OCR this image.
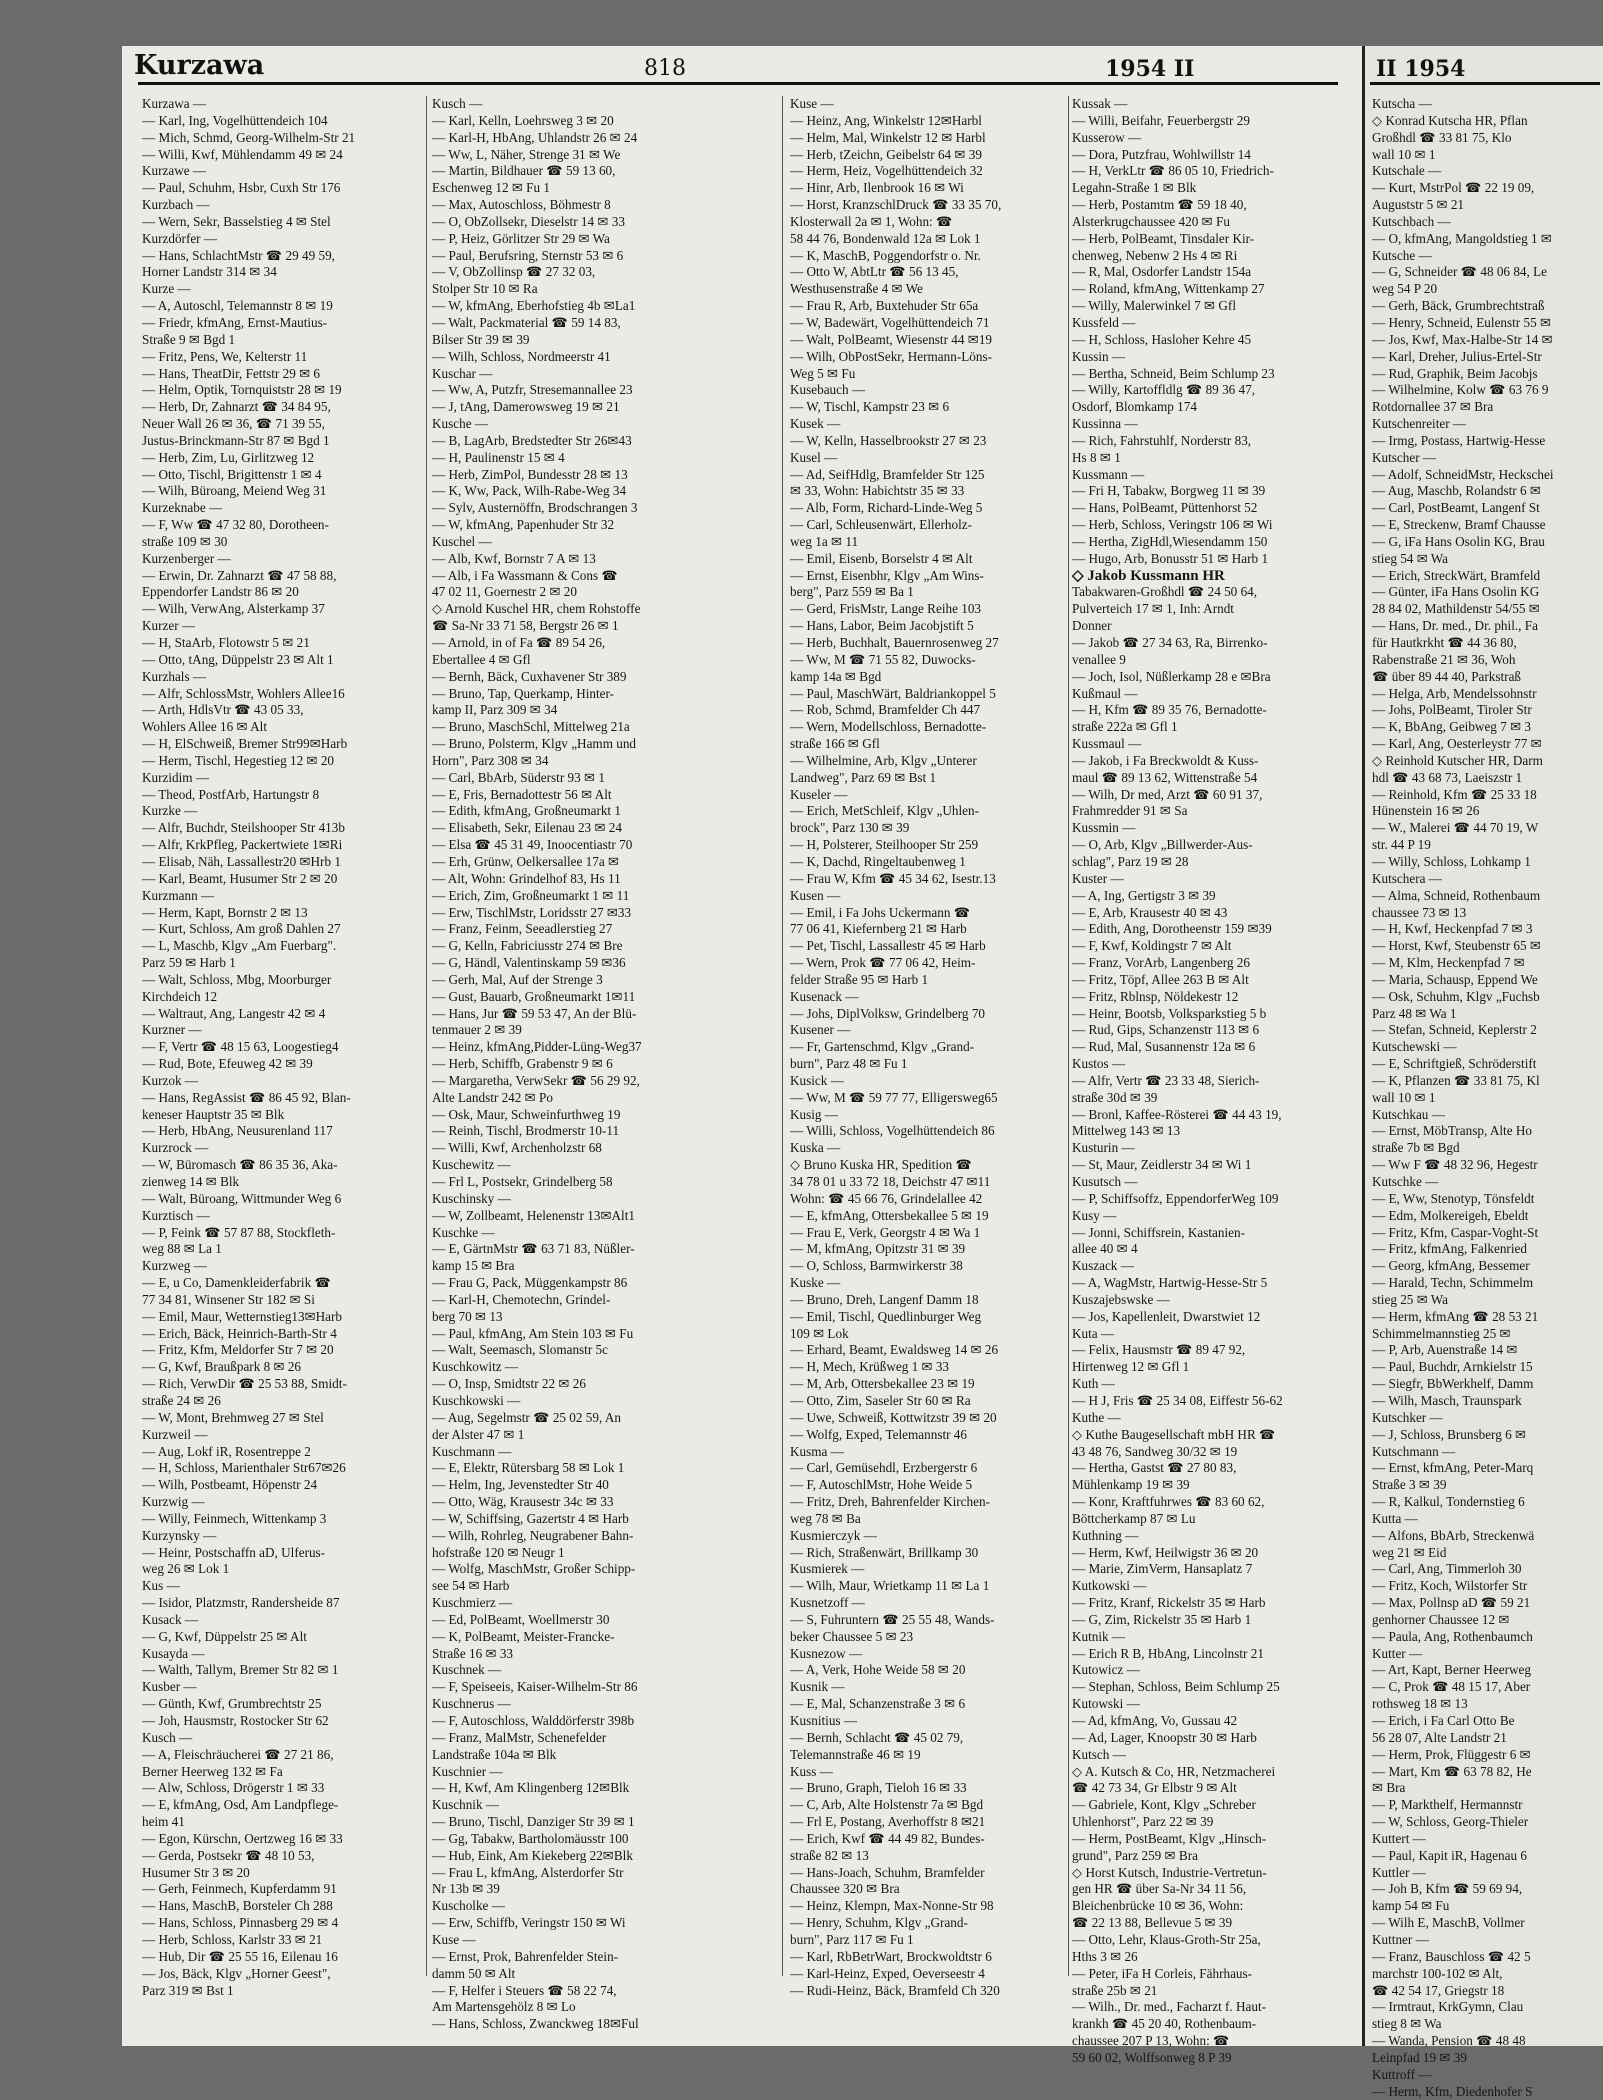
Kurzawa	818	1954 II	II 1954
Kurzawa —
— Karl, Ing, Vogelhüttendeich 104
— Mich, Schmd, Georg-Wilhelm-Str 21
— Willi, Kwf, Mühlendamm 49 ✉ 24
Kurzawe —
— Paul, Schuhm, Hsbr, Cuxh Str 176
Kurzbach —
— Wern, Sekr, Basselstieg 4 ✉ Stel
Kurzdörfer —
— Hans, SchlachtMstr ☎ 29 49 59,
Horner Landstr 314 ✉ 34
Kurze —
— A, Autoschl, Telemannstr 8 ✉ 19
— Friedr, kfmAng, Ernst-Mautius-
Straße 9 ✉ Bgd 1
— Fritz, Pens, We, Kelterstr 11
— Hans, TheatDir, Fettstr 29 ✉ 6
— Helm, Optik, Tornquiststr 28 ✉ 19
— Herb, Dr, Zahnarzt ☎ 34 84 95,
Neuer Wall 26 ✉ 36, ☎ 71 39 55,
Justus-Brinckmann-Str 87 ✉ Bgd 1
— Herb, Zim, Lu, Girlitzweg 12
— Otto, Tischl, Brigittenstr 1 ✉ 4
— Wilh, Büroang, Meiend Weg 31
Kurzeknabe —
— F, Ww ☎ 47 32 80, Dorotheen-
straße 109 ✉ 30
Kurzenberger —
— Erwin, Dr. Zahnarzt ☎ 47 58 88,
Eppendorfer Landstr 86 ✉ 20
— Wilh, VerwAng, Alsterkamp 37
Kurzer —
— H, StaArb, Flotowstr 5 ✉ 21
— Otto, tAng, Düppelstr 23 ✉ Alt 1
Kurzhals —
— Alfr, SchlossMstr, Wohlers Allee16
— Arth, HdlsVtr ☎ 43 05 33,
Wohlers Allee 16 ✉ Alt
— H, ElSchweiß, Bremer Str99✉Harb
— Herm, Tischl, Hegestieg 12 ✉ 20
Kurzidim —
— Theod, PostfArb, Hartungstr 8
Kurzke —
— Alfr, Buchdr, Steilshooper Str 413b
— Alfr, KrkPfleg, Packertwiete 1✉Ri
— Elisab, Näh, Lassallestr20 ✉Hrb 1
— Karl, Beamt, Husumer Str 2 ✉ 20
Kurzmann —
— Herm, Kapt, Bornstr 2 ✉ 13
— Kurt, Schloss, Am groß Dahlen 27
— L, Maschb, Klgv „Am Fuerbarg".
Parz 59 ✉ Harb 1
— Walt, Schloss, Mbg, Moorburger
Kirchdeich 12
— Waltraut, Ang, Langestr 42 ✉ 4
Kurzner —
— F, Vertr ☎ 48 15 63, Loogestieg4
— Rud, Bote, Efeuweg 42 ✉ 39
Kurzok —
— Hans, RegAssist ☎ 86 45 92, Blan-
keneser Hauptstr 35 ✉ Blk
— Herb, HbAng, Neusurenland 117
Kurzrock —
— W, Büromasch ☎ 86 35 36, Aka-
zienweg 14 ✉ Blk
— Walt, Büroang, Wittmunder Weg 6
Kurztisch —
— P, Feink ☎ 57 87 88, Stockfleth-
weg 88 ✉ La 1
Kurzweg —
— E, u Co, Damenkleiderfabrik ☎
77 34 81, Winsener Str 182 ✉ Si
— Emil, Maur, Wetternstieg13✉Harb
— Erich, Bäck, Heinrich-Barth-Str 4
— Fritz, Kfm, Meldorfer Str 7 ✉ 20
— G, Kwf, Braußpark 8 ✉ 26
— Rich, VerwDir ☎ 25 53 88, Smidt-
straße 24 ✉ 26
— W, Mont, Brehmweg 27 ✉ Stel
Kurzweil —
— Aug, Lokf iR, Rosentreppe 2
— H, Schloss, Marienthaler Str67✉26
— Wilh, Postbeamt, Höpenstr 24
Kurzwig —
— Willy, Feinmech, Wittenkamp 3
Kurzynsky —
— Heinr, Postschaffn aD, Ulferus-
weg 26 ✉ Lok 1
Kus —
— Isidor, Platzmstr, Randersheide 87
Kusack —
— G, Kwf, Düppelstr 25 ✉ Alt
Kusayda —
— Walth, Tallym, Bremer Str 82 ✉ 1
Kusber —
— Günth, Kwf, Grumbrechtstr 25
— Joh, Hausmstr, Rostocker Str 62
Kusch —
— A, Fleischräucherei ☎ 27 21 86,
Berner Heerweg 132 ✉ Fa
— Alw, Schloss, Drögerstr 1 ✉ 33
— E, kfmAng, Osd, Am Landpflege-
heim 41
— Egon, Kürschn, Oertzweg 16 ✉ 33
— Gerda, Postsekr ☎ 48 10 53,
Husumer Str 3 ✉ 20
— Gerh, Feinmech, Kupferdamm 91
— Hans, MaschB, Borsteler Ch 288
— Hans, Schloss, Pinnasberg 29 ✉ 4
— Herb, Schloss, Karlstr 33 ✉ 21
— Hub, Dir ☎ 25 55 16, Eilenau 16
— Jos, Bäck, Klgv „Horner Geest",
Parz 319 ✉ Bst 1
Kusch —
— Karl, Kelln, Loehrsweg 3 ✉ 20
— Karl-H, HbAng, Uhlandstr 26 ✉ 24
— Ww, L, Näher, Strenge 31 ✉ We
— Martin, Bildhauer ☎ 59 13 60,
Eschenweg 12 ✉ Fu 1
— Max, Autoschloss, Böhmestr 8
— O, ObZollsekr, Dieselstr 14 ✉ 33
— P, Heiz, Görlitzer Str 29 ✉ Wa
— Paul, Berufsring, Sternstr 53 ✉ 6
— V, ObZollinsp ☎ 27 32 03,
Stolper Str 10 ✉ Ra
— W, kfmAng, Eberhofstieg 4b ✉La1
— Walt, Packmaterial ☎ 59 14 83,
Bilser Str 39 ✉ 39
— Wilh, Schloss, Nordmeerstr 41
Kuschar —
— Ww, A, Putzfr, Stresemannallee 23
— J, tAng, Damerowsweg 19 ✉ 21
Kusche —
— B, LagArb, Bredstedter Str 26✉43
— H, Paulinenstr 15 ✉ 4
— Herb, ZimPol, Bundesstr 28 ✉ 13
— K, Ww, Pack, Wilh-Rabe-Weg 34
— Sylv, Austernöffn, Brodschrangen 3
— W, kfmAng, Papenhuder Str 32
Kuschel —
— Alb, Kwf, Bornstr 7 A ✉ 13
— Alb, i Fa Wassmann & Cons ☎
47 02 11, Goernestr 2 ✉ 20
◇ Arnold Kuschel HR, chem Rohstoffe
☎ Sa-Nr 33 71 58, Bergstr 26 ✉ 1
— Arnold, in of Fa ☎ 89 54 26,
Ebertallee 4 ✉ Gfl
— Bernh, Bäck, Cuxhavener Str 389
— Bruno, Tap, Querkamp, Hinter-
kamp II, Parz 309 ✉ 34
— Bruno, MaschSchl, Mittelweg 21a
— Bruno, Polsterm, Klgv „Hamm und
Horn", Parz 308 ✉ 34
— Carl, BbArb, Süderstr 93 ✉ 1
— E, Fris, Bernadottestr 56 ✉ Alt
— Edith, kfmAng, Großneumarkt 1
— Elisabeth, Sekr, Eilenau 23 ✉ 24
— Elsa ☎ 45 31 49, Inoocentiastr 70
— Erh, Grünw, Oelkersallee 17a ✉
— Alt, Wohn: Grindelhof 83, Hs 11
— Erich, Zim, Großneumarkt 1 ✉ 11
— Erw, TischlMstr, Loridsstr 27 ✉33
— Franz, Feinm, Seeadlerstieg 27
— G, Kelln, Fabriciusstr 274 ✉ Bre
— G, Händl, Valentinskamp 59 ✉36
— Gerh, Mal, Auf der Strenge 3
— Gust, Bauarb, Großneumarkt 1✉11
— Hans, Jur ☎ 59 53 47, An der Blü-
tenmauer 2 ✉ 39
— Heinz, kfmAng,Pidder-Lüng-Weg37
— Herb, Schiffb, Grabenstr 9 ✉ 6
— Margaretha, VerwSekr ☎ 56 29 92,
Alte Landstr 242 ✉ Po
— Osk, Maur, Schweinfurthweg 19
— Reinh, Tischl, Brodmerstr 10-11
— Willi, Kwf, Archenholzstr 68
Kuschewitz —
— Frl L, Postsekr, Grindelberg 58
Kuschinsky —
— W, Zollbeamt, Helenenstr 13✉Alt1
Kuschke —
— E, GärtnMstr ☎ 63 71 83, Nüßler-
kamp 15 ✉ Bra
— Frau G, Pack, Müggenkampstr 86
— Karl-H, Chemotechn, Grindel-
berg 70 ✉ 13
— Paul, kfmAng, Am Stein 103 ✉ Fu
— Walt, Seemasch, Slomanstr 5c
Kuschkowitz —
— O, Insp, Smidtstr 22 ✉ 26
Kuschkowski —
— Aug, Segelmstr ☎ 25 02 59, An
der Alster 47 ✉ 1
Kuschmann —
— E, Elektr, Rütersbarg 58 ✉ Lok 1
— Helm, Ing, Jevenstedter Str 40
— Otto, Wäg, Krausestr 34c ✉ 33
— W, Schiffsing, Gazertstr 4 ✉ Harb
— Wilh, Rohrleg, Neugrabener Bahn-
hofstraße 120 ✉ Neugr 1
— Wolfg, MaschMstr, Großer Schipp-
see 54 ✉ Harb
Kuschmierz —
— Ed, PolBeamt, Woellmerstr 30
— K, PolBeamt, Meister-Francke-
Straße 16 ✉ 33
Kuschnek —
— F, Speiseeis, Kaiser-Wilhelm-Str 86
Kuschnerus —
— F, Autoschloss, Walddörferstr 398b
— Franz, MalMstr, Schenefelder
Landstraße 104a ✉ Blk
Kuschnier —
— H, Kwf, Am Klingenberg 12✉Blk
Kuschnik —
— Bruno, Tischl, Danziger Str 39 ✉ 1
— Gg, Tabakw, Bartholomäusstr 100
— Hub, Eink, Am Kiekeberg 22✉Blk
— Frau L, kfmAng, Alsterdorfer Str
Nr 13b ✉ 39
Kuscholke —
— Erw, Schiffb, Veringstr 150 ✉ Wi
Kuse —
— Ernst, Prok, Bahrenfelder Stein-
damm 50 ✉ Alt
— F, Helfer i Steuers ☎ 58 22 74,
Am Martensgehölz 8 ✉ Lo
— Hans, Schloss, Zwanckweg 18✉Ful
Kuse —
— Heinz, Ang, Winkelstr 12✉Harbl
— Helm, Mal, Winkelstr 12 ✉ Harbl
— Herb, tZeichn, Geibelstr 64 ✉ 39
— Herm, Heiz, Vogelhüttendeich 32
— Hinr, Arb, Ilenbrook 16 ✉ Wi
— Horst, KranzschlDruck ☎ 33 35 70,
Klosterwall 2a ✉ 1, Wohn: ☎
58 44 76, Bondenwald 12a ✉ Lok 1
— K, MaschB, Poggendorfstr o. Nr.
— Otto W, AbtLtr ☎ 56 13 45,
Westhusenstraße 4 ✉ We
— Frau R, Arb, Buxtehuder Str 65a
— W, Badewärt, Vogelhüttendeich 71
— Walt, PolBeamt, Wiesenstr 44 ✉19
— Wilh, ObPostSekr, Hermann-Löns-
Weg 5 ✉ Fu
Kusebauch —
— W, Tischl, Kampstr 23 ✉ 6
Kusek —
— W, Kelln, Hasselbrookstr 27 ✉ 23
Kusel —
— Ad, SeifHdlg, Bramfelder Str 125
✉ 33, Wohn: Habichtstr 35 ✉ 33
— Alb, Form, Richard-Linde-Weg 5
— Carl, Schleusenwärt, Ellerholz-
weg 1a ✉ 11
— Emil, Eisenb, Borselstr 4 ✉ Alt
— Ernst, Eisenbhr, Klgv „Am Wins-
berg", Parz 559 ✉ Ba 1
— Gerd, FrisMstr, Lange Reihe 103
— Hans, Labor, Beim Jacobjstift 5
— Herb, Buchhalt, Bauernrosenweg 27
— Ww, M ☎ 71 55 82, Duwocks-
kamp 14a ✉ Bgd
— Paul, MaschWärt, Baldriankoppel 5
— Rob, Schmd, Bramfelder Ch 447
— Wern, Modellschloss, Bernadotte-
straße 166 ✉ Gfl
— Wilhelmine, Arb, Klgv „Unterer
Landweg", Parz 69 ✉ Bst 1
Kuseler —
— Erich, MetSchleif, Klgv „Uhlen-
brock", Parz 130 ✉ 39
— H, Polsterer, Steilhooper Str 259
— K, Dachd, Ringeltaubenweg 1
— Frau W, Kfm ☎ 45 34 62, Isestr.13
Kusen —
— Emil, i Fa Johs Uckermann ☎
77 06 41, Kiefernberg 21 ✉ Harb
— Pet, Tischl, Lassallestr 45 ✉ Harb
— Wern, Prok ☎ 77 06 42, Heim-
felder Straße 95 ✉ Harb 1
Kusenack —
— Johs, DiplVolksw, Grindelberg 70
Kusener —
— Fr, Gartenschmd, Klgv „Grand-
burn", Parz 48 ✉ Fu 1
Kusick —
— Ww, M ☎ 59 77 77, Elligersweg65
Kusig —
— Willi, Schloss, Vogelhüttendeich 86
Kuska —
◇ Bruno Kuska HR, Spedition ☎
34 78 01 u 33 72 18, Deichstr 47 ✉11
Wohn: ☎ 45 66 76, Grindelallee 42
— E, kfmAng, Ottersbekallee 5 ✉ 19
— Frau E, Verk, Georgstr 4 ✉ Wa 1
— M, kfmAng, Opitzstr 31 ✉ 39
— O, Schloss, Barmwirkerstr 38
Kuske —
— Bruno, Dreh, Langenf Damm 18
— Emil, Tischl, Quedlinburger Weg
109 ✉ Lok
— Erhard, Beamt, Ewaldsweg 14 ✉ 26
— H, Mech, Krüßweg 1 ✉ 33
— M, Arb, Ottersbekallee 23 ✉ 19
— Otto, Zim, Saseler Str 60 ✉ Ra
— Uwe, Schweiß, Kottwitzstr 39 ✉ 20
— Wolfg, Exped, Telemannstr 46
Kusma —
— Carl, Gemüsehdl, Erzbergerstr 6
— F, AutoschlMstr, Hohe Weide 5
— Fritz, Dreh, Bahrenfelder Kirchen-
weg 78 ✉ Ba
Kusmierczyk —
— Rich, Straßenwärt, Brillkamp 30
Kusmierek —
— Wilh, Maur, Wrietkamp 11 ✉ La 1
Kusnetzoff —
— S, Fuhruntern ☎ 25 55 48, Wands-
beker Chaussee 5 ✉ 23
Kusnezow —
— A, Verk, Hohe Weide 58 ✉ 20
Kusnik —
— E, Mal, Schanzenstraße 3 ✉ 6
Kusnitius —
— Bernh, Schlacht ☎ 45 02 79,
Telemannstraße 46 ✉ 19
Kuss —
— Bruno, Graph, Tieloh 16 ✉ 33
— C, Arb, Alte Holstenstr 7a ✉ Bgd
— Frl E, Postang, Averhoffstr 8 ✉21
— Erich, Kwf ☎ 44 49 82, Bundes-
straße 82 ✉ 13
— Hans-Joach, Schuhm, Bramfelder
Chaussee 320 ✉ Bra
— Heinz, Klempn, Max-Nonne-Str 98
— Henry, Schuhm, Klgv „Grand-
burn", Parz 117 ✉ Fu 1
— Karl, RbBetrWart, Brockwoldtstr 6
— Karl-Heinz, Exped, Oeverseestr 4
— Rudi-Heinz, Bäck, Bramfeld Ch 320
Kussak —
— Willi, Beifahr, Feuerbergstr 29
Kusserow —
— Dora, Putzfrau, Wohlwillstr 14
— H, VerkLtr ☎ 86 05 10, Friedrich-
Legahn-Straße 1 ✉ Blk
— Herb, Postamtm ☎ 59 18 40,
Alsterkrugchaussee 420 ✉ Fu
— Herb, PolBeamt, Tinsdaler Kir-
chenweg, Nebenw 2 Hs 4 ✉ Ri
— R, Mal, Osdorfer Landstr 154a
— Roland, kfmAng, Wittenkamp 27
— Willy, Malerwinkel 7 ✉ Gfl
Kussfeld —
— H, Schloss, Hasloher Kehre 45
Kussin —
— Bertha, Schneid, Beim Schlump 23
— Willy, Kartoffldlg ☎ 89 36 47,
Osdorf, Blomkamp 174
Kussinna —
— Rich, Fahrstuhlf, Norderstr 83,
Hs 8 ✉ 1
Kussmann —
— Fri H, Tabakw, Borgweg 11 ✉ 39
— Hans, PolBeamt, Püttenhorst 52
— Herb, Schloss, Veringstr 106 ✉ Wi
— Hertha, ZigHdl,Wiesendamm 150
— Hugo, Arb, Bonusstr 51 ✉ Harb 1
◇ Jakob Kussmann HR
Tabakwaren-Großhdl ☎ 24 50 64,
Pulverteich 17 ✉ 1, Inh: Arndt
Donner
— Jakob ☎ 27 34 63, Ra, Birrenko-
venallee 9
— Joch, Isol, Nüßlerkamp 28 e ✉Bra
Kußmaul —
— H, Kfm ☎ 89 35 76, Bernadotte-
straße 222a ✉ Gfl 1
Kussmaul —
— Jakob, i Fa Breckwoldt & Kuss-
maul ☎ 89 13 62, Wittenstraße 54
— Wilh, Dr med, Arzt ☎ 60 91 37,
Frahmredder 91 ✉ Sa
Kussmin —
— O, Arb, Klgv „Billwerder-Aus-
schlag", Parz 19 ✉ 28
Kuster —
— A, Ing, Gertigstr 3 ✉ 39
— E, Arb, Krausestr 40 ✉ 43
— Edith, Ang, Dorotheenstr 159 ✉39
— F, Kwf, Koldingstr 7 ✉ Alt
— Franz, VorArb, Langenberg 26
— Fritz, Töpf, Allee 263 B ✉ Alt
— Fritz, Rblnsp, Nöldekestr 12
— Heinr, Bootsb, Volksparkstieg 5 b
— Rud, Gips, Schanzenstr 113 ✉ 6
— Rud, Mal, Susannenstr 12a ✉ 6
Kustos —
— Alfr, Vertr ☎ 23 33 48, Sierich-
straße 30d ✉ 39
— Bronl, Kaffee-Rösterei ☎ 44 43 19,
Mittelweg 143 ✉ 13
Kusturin —
— St, Maur, Zeidlerstr 34 ✉ Wi 1
Kusutsch —
— P, Schiffsoffz, EppendorferWeg 109
Kusy —
— Jonni, Schiffsrein, Kastanien-
allee 40 ✉ 4
Kuszack —
— A, WagMstr, Hartwig-Hesse-Str 5
Kuszajebswske —
— Jos, Kapellenleit, Dwarstwiet 12
Kuta —
— Felix, Hausmstr ☎ 89 47 92,
Hirtenweg 12 ✉ Gfl 1
Kuth —
— H J, Fris ☎ 25 34 08, Eiffestr 56-62
Kuthe —
◇ Kuthe Baugesellschaft mbH HR ☎
43 48 76, Sandweg 30/32 ✉ 19
— Hertha, Gastst ☎ 27 80 83,
Mühlenkamp 19 ✉ 39
— Konr, Kraftfuhrwes ☎ 83 60 62,
Böttcherkamp 87 ✉ Lu
Kuthning —
— Herm, Kwf, Heilwigstr 36 ✉ 20
— Marie, ZimVerm, Hansaplatz 7
Kutkowski —
— Fritz, Kranf, Rickelstr 35 ✉ Harb
— G, Zim, Rickelstr 35 ✉ Harb 1
Kutnik —
— Erich R B, HbAng, Lincolnstr 21
Kutowicz —
— Stephan, Schloss, Beim Schlump 25
Kutowski —
— Ad, kfmAng, Vo, Gussau 42
— Ad, Lager, Knoopstr 30 ✉ Harb
Kutsch —
◇ A. Kutsch & Co, HR, Netzmacherei
☎ 42 73 34, Gr Elbstr 9 ✉ Alt
— Gabriele, Kont, Klgv „Schreber
Uhlenhorst", Parz 22 ✉ 39
— Herm, PostBeamt, Klgv „Hinsch-
grund", Parz 259 ✉ Bra
◇ Horst Kutsch, Industrie-Vertretun-
gen HR ☎ über Sa-Nr 34 11 56,
Bleichenbrücke 10 ✉ 36, Wohn:
☎ 22 13 88, Bellevue 5 ✉ 39
— Otto, Lehr, Klaus-Groth-Str 25a,
Hths 3 ✉ 26
— Peter, iFa H Corleis, Fährhaus-
straße 25b ✉ 21
— Wilh., Dr. med., Facharzt f. Haut-
krankh ☎ 45 20 40, Rothenbaum-
chaussee 207 P 13, Wohn: ☎
59 60 02, Wolffsonweg 8 P 39
Kutscha —
◇ Konrad Kutscha HR, Pflan
Großhdl ☎ 33 81 75, Klo
wall 10 ✉ 1
Kutschale —
— Kurt, MstrPol ☎ 22 19 09,
Auguststr 5 ✉ 21
Kutschbach —
— O, kfmAng, Mangoldstieg 1 ✉
Kutsche —
— G, Schneider ☎ 48 06 84, Le
weg 54 P 20
— Gerh, Bäck, Grumbrechtstraß
— Henry, Schneid, Eulenstr 55 ✉
— Jos, Kwf, Max-Halbe-Str 14 ✉
— Karl, Dreher, Julius-Ertel-Str
— Rud, Graphik, Beim Jacobjs
— Wilhelmine, Kolw ☎ 63 76 9
Rotdornallee 37 ✉ Bra
Kutschenreiter —
— Irmg, Postass, Hartwig-Hesse
Kutscher —
— Adolf, SchneidMstr, Heckschei
— Aug, Maschb, Rolandstr 6 ✉
— Carl, PostBeamt, Langenf St
— E, Streckenw, Bramf Chausse
— G, iFa Hans Osolin KG, Brau
stieg 54 ✉ Wa
— Erich, StreckWärt, Bramfeld
— Günter, iFa Hans Osolin KG
28 84 02, Mathildenstr 54/55 ✉
— Hans, Dr. med., Dr. phil., Fa
für Hautkrkht ☎ 44 36 80,
Rabenstraße 21 ✉ 36, Woh
☎ über 89 44 40, Parkstraß
— Helga, Arb, Mendelssohnstr
— Johs, PolBeamt, Tiroler Str
— K, BbAng, Geibweg 7 ✉ 3
— Karl, Ang, Oesterleystr 77 ✉
◇ Reinhold Kutscher HR, Darm
hdl ☎ 43 68 73, Laeiszstr 1
— Reinhold, Kfm ☎ 25 33 18
Hünenstein 16 ✉ 26
— W., Malerei ☎ 44 70 19, W
str. 44 P 19
— Willy, Schloss, Lohkamp 1
Kutschera —
— Alma, Schneid, Rothenbaum
chaussee 73 ✉ 13
— H, Kwf, Heckenpfad 7 ✉ 3
— Horst, Kwf, Steubenstr 65 ✉
— M, Klm, Heckenpfad 7 ✉
— Maria, Schausp, Eppend We
— Osk, Schuhm, Klgv „Fuchsb
Parz 48 ✉ Wa 1
— Stefan, Schneid, Keplerstr 2
Kutschewski —
— E, Schriftgieß, Schröderstift
— K, Pflanzen ☎ 33 81 75, Kl
wall 10 ✉ 1
Kutschkau —
— Ernst, MöbTransp, Alte Ho
straße 7b ✉ Bgd
— Ww F ☎ 48 32 96, Hegestr
Kutschke —
— E, Ww, Stenotyp, Tönsfeldt
— Edm, Molkereigeh, Ebeldt
— Fritz, Kfm, Caspar-Voght-St
— Fritz, kfmAng, Falkenried
— Georg, kfmAng, Bessemer
— Harald, Techn, Schimmelm
stieg 25 ✉ Wa
— Herm, kfmAng ☎ 28 53 21
Schimmelmannstieg 25 ✉
— P, Arb, Auenstraße 14 ✉
— Paul, Buchdr, Arnkielstr 15
— Siegfr, BbWerkhelf, Damm
— Wilh, Masch, Traunspark
Kutschker —
— J, Schloss, Brunsberg 6 ✉
Kutschmann —
— Ernst, kfmAng, Peter-Marq
Straße 3 ✉ 39
— R, Kalkul, Tondernstieg 6
Kutta —
— Alfons, BbArb, Streckenwä
weg 21 ✉ Eid
— Carl, Ang, Timmerloh 30
— Fritz, Koch, Wilstorfer Str
— Max, Pollnsp aD ☎ 59 21
genhorner Chaussee 12 ✉
— Paula, Ang, Rothenbaumch
Kutter —
— Art, Kapt, Berner Heerweg
— C, Prok ☎ 48 15 17, Aber
rothsweg 18 ✉ 13
— Erich, i Fa Carl Otto Be
56 28 07, Alte Landstr 21
— Herm, Prok, Flüggestr 6 ✉
— Mart, Km ☎ 63 78 82, He
✉ Bra
— P, Markthelf, Hermannstr
— W, Schloss, Georg-Thieler
Kuttert —
— Paul, Kapit iR, Hagenau 6
Kuttler —
— Joh B, Kfm ☎ 59 69 94,
kamp 54 ✉ Fu
— Wilh E, MaschB, Vollmer
Kuttner —
— Franz, Bauschloss ☎ 42 5
marchstr 100-102 ✉ Alt,
☎ 42 54 17, Griegstr 18
— Irmtraut, KrkGymn, Clau
stieg 8 ✉ Wa
— Wanda, Pension ☎ 48 48
Leinpfad 19 ✉ 39
Kuttroff —
— Herm, Kfm, Diedenhofer S
